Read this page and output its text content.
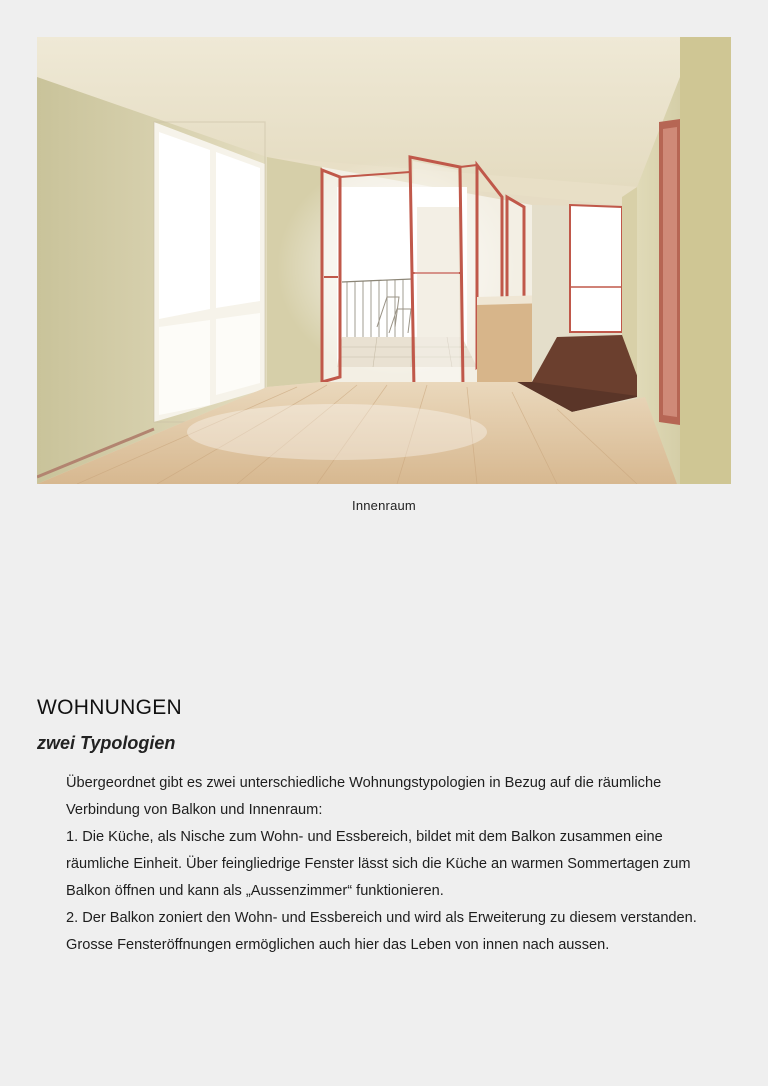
Innenraum
WOHNUNGEN
zwei Typologien

Übergeordnet gibt es zwei unterschiedliche Wohnungstypologien in Bezug auf die räumliche Verbindung von Balkon und Innenraum:

1. Die Küche, als Nische zum Wohn- und Essbereich, bildet mit dem Balkon zusammen eine räumliche Einheit. Über feingliedrige Fenster lässt sich die Küche an warmen Sommertagen zum Balkon öffnen und kann als „Aussenzimmer“ funktionieren.

2. Der Balkon zoniert den Wohn- und Essbereich und wird als Erweiterung zu diesem verstanden. Grosse Fensteröffnungen ermöglichen auch hier das Leben von innen nach aussen.
